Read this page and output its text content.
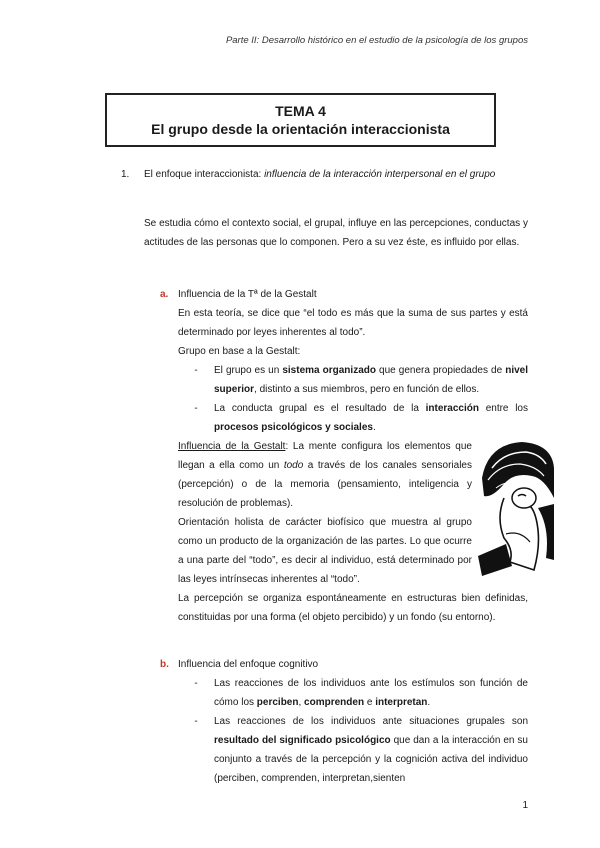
Parte II: Desarrollo histórico en el estudio de la psicología de los grupos
TEMA 4
El grupo desde la orientación interaccionista
1. El enfoque interaccionista: influencia de la interacción interpersonal en el grupo
Se estudia cómo el contexto social, el grupal, influye en las percepciones, conductas y actitudes de las personas que lo componen. Pero a su vez éste, es influido por ellas.
a. Influencia de la Tª de la Gestalt
En esta teoría, se dice que “el todo es más que la suma de sus partes y está determinado por leyes inherentes al todo”.
Grupo en base a la Gestalt:
-	El grupo es un sistema organizado que genera propiedades de nivel superior, distinto a sus miembros, pero en función de ellos.
-	La conducta grupal es el resultado de la interacción entre los procesos psicológicos y sociales.
Influencia de la Gestalt: La mente configura los elementos que llegan a ella como un todo a través de los canales sensoriales (percepción) o de la memoria (pensamiento, inteligencia y resolución de problemas).
Orientación holista de carácter biofísico que muestra al grupo como un producto de la organización de las partes. Lo que ocurre a una parte del “todo”, es decir al individuo, está determinado por las leyes intrínsecas inherentes al “todo”.
La percepción se organiza espontáneamente en estructuras bien definidas, constituidas por una forma (el objeto percibido) y un fondo (su entorno).
b. Influencia del enfoque cognitivo
-	Las reacciones de los individuos ante los estímulos son función de cómo los perciben, comprenden e interpretan.
-	Las reacciones de los individuos ante situaciones grupales son resultado del significado psicológico que dan a la interacción en su conjunto a través de la percepción y la cognición activa del individuo (perciben, comprenden, interpretan,sienten
1
